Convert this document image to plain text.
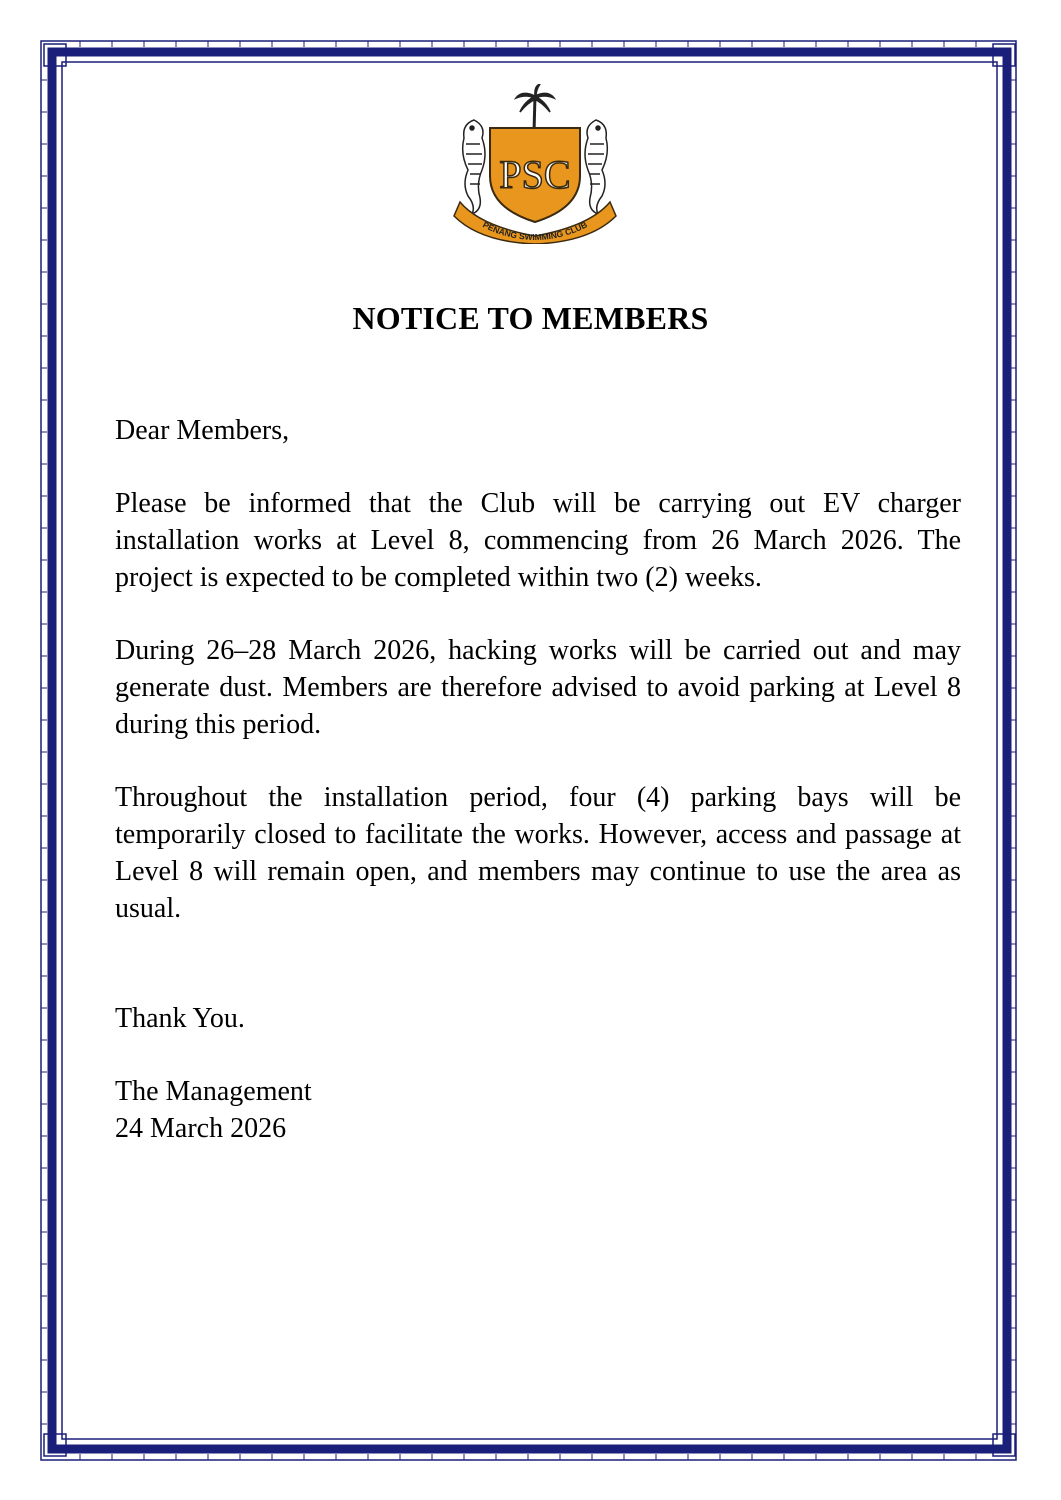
PSC
PENANG SWIMMING CLUB
NOTICE TO MEMBERS

Dear Members,

Please be informed that the Club will be carrying out EV charger installation works at Level 8, commencing from 26 March 2026. The project is expected to be completed within two (2) weeks.

During 26–28 March 2026, hacking works will be carried out and may generate dust. Members are therefore advised to avoid parking at Level 8 during this period.

Throughout the installation period, four (4) parking bays will be temporarily closed to facilitate the works. However, access and passage at Level 8 will remain open, and members may continue to use the area as usual.

Thank You.

The Management

24 March 2026
